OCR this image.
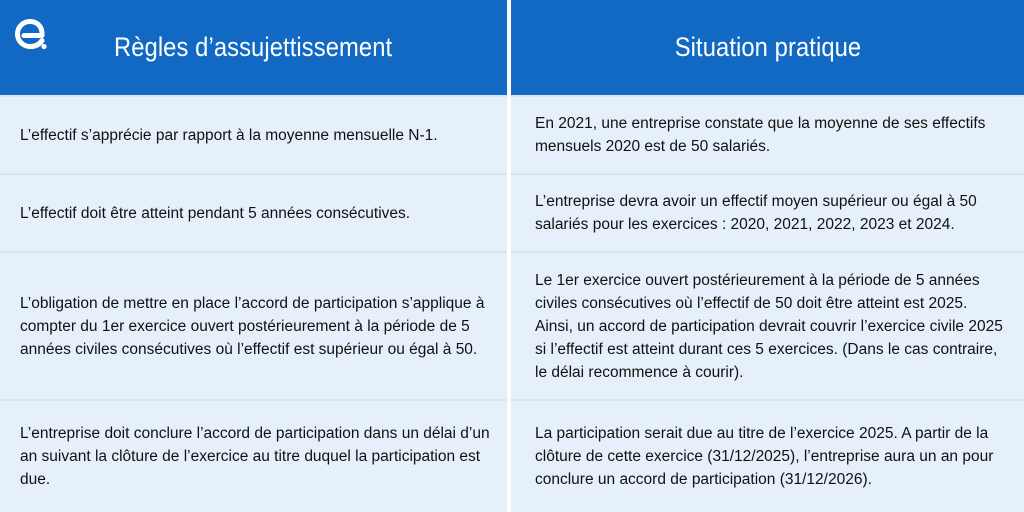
Règles d’assujettissement	Situation pratique
L’effectif s’apprécie par rapport à la moyenne mensuelle N-1.
En 2021, une entreprise constate que la moyenne de ses effectifs mensuels 2020 est de 50 salariés.
L’effectif doit être atteint pendant 5 années consécutives.
L’entreprise devra avoir un effectif moyen supérieur ou égal à 50 salariés pour les exercices : 2020, 2021, 2022, 2023 et 2024.
L’obligation de mettre en place l’accord de participation s’applique à compter du 1er exercice ouvert postérieurement à la période de 5 années civiles consécutives où l’effectif est supérieur ou égal à 50.
Le 1er exercice ouvert postérieurement à la période de 5 années civiles consécutives où l’effectif de 50 doit être atteint est 2025. Ainsi, un accord de participation devrait couvrir l’exercice civile 2025 si l’effectif est atteint durant ces 5 exercices. (Dans le cas contraire, le délai recommence à courir).
L’entreprise doit conclure l’accord de participation dans un délai d’un an suivant la clôture de l’exercice au titre duquel la participation est due.
La participation serait due au titre de l’exercice 2025. A partir de la clôture de cette exercice (31/12/2025), l’entreprise aura un an pour conclure un accord de participation (31/12/2026).
